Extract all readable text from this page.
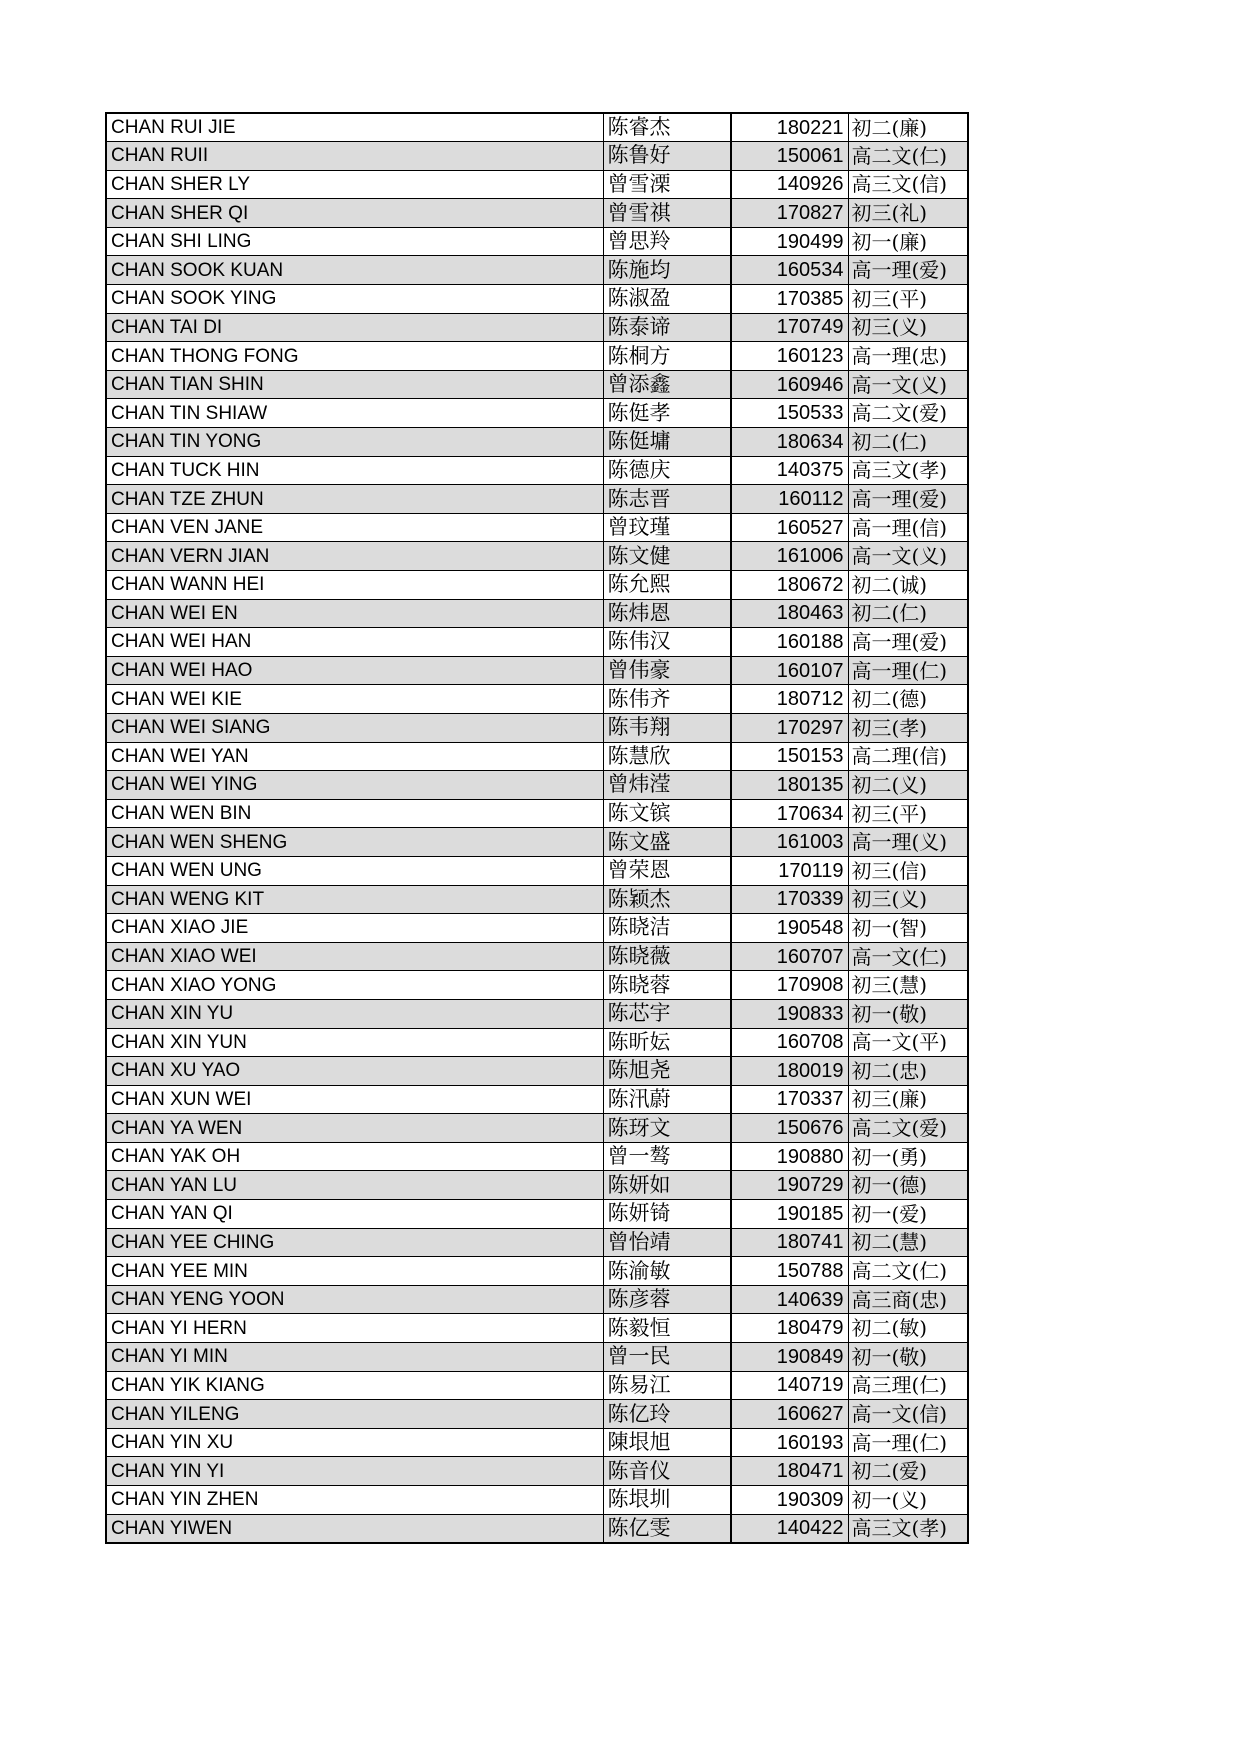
CHAN RUI JIE	陈睿杰	180221	初二(廉)
CHAN RUII	陈鲁好	150061	高二文(仁)
CHAN SHER LY	曾雪溧	140926	高三文(信)
CHAN SHER QI	曾雪祺	170827	初三(礼)
CHAN SHI LING	曾思羚	190499	初一(廉)
CHAN SOOK KUAN	陈施均	160534	高一理(爱)
CHAN SOOK YING	陈淑盈	170385	初三(平)
CHAN TAI DI	陈泰谛	170749	初三(义)
CHAN THONG FONG	陈桐方	160123	高一理(忠)
CHAN TIAN SHIN	曾添鑫	160946	高一文(义)
CHAN TIN SHIAW	陈侹孝	150533	高二文(爱)
CHAN TIN YONG	陈侹墉	180634	初二(仁)
CHAN TUCK HIN	陈德庆	140375	高三文(孝)
CHAN TZE ZHUN	陈志晋	160112	高一理(爱)
CHAN VEN JANE	曾玟瑾	160527	高一理(信)
CHAN VERN JIAN	陈文健	161006	高一文(义)
CHAN WANN HEI	陈允熙	180672	初二(诚)
CHAN WEI EN	陈炜恩	180463	初二(仁)
CHAN WEI HAN	陈伟汉	160188	高一理(爱)
CHAN WEI HAO	曾伟豪	160107	高一理(仁)
CHAN WEI KIE	陈伟齐	180712	初二(德)
CHAN WEI SIANG	陈韦翔	170297	初三(孝)
CHAN WEI YAN	陈慧欣	150153	高二理(信)
CHAN WEI YING	曾炜滢	180135	初二(义)
CHAN WEN BIN	陈文镔	170634	初三(平)
CHAN WEN SHENG	陈文盛	161003	高一理(义)
CHAN WEN UNG	曾荣恩	170119	初三(信)
CHAN WENG KIT	陈颖杰	170339	初三(义)
CHAN XIAO JIE	陈晓洁	190548	初一(智)
CHAN XIAO WEI	陈晓薇	160707	高一文(仁)
CHAN XIAO YONG	陈晓蓉	170908	初三(慧)
CHAN XIN YU	陈芯宇	190833	初一(敬)
CHAN XIN YUN	陈昕妘	160708	高一文(平)
CHAN XU YAO	陈旭尧	180019	初二(忠)
CHAN XUN WEI	陈汛蔚	170337	初三(廉)
CHAN YA WEN	陈玡文	150676	高二文(爱)
CHAN YAK OH	曾一骜	190880	初一(勇)
CHAN YAN LU	陈妍如	190729	初一(德)
CHAN YAN QI	陈妍锜	190185	初一(爱)
CHAN YEE CHING	曾怡靖	180741	初二(慧)
CHAN YEE MIN	陈渝敏	150788	高二文(仁)
CHAN YENG YOON	陈彦蓉	140639	高三商(忠)
CHAN YI HERN	陈毅恒	180479	初二(敏)
CHAN YI MIN	曾一民	190849	初一(敬)
CHAN YIK KIANG	陈易江	140719	高三理(仁)
CHAN YILENG	陈亿玲	160627	高一文(信)
CHAN YIN XU	陳垠旭	160193	高一理(仁)
CHAN YIN YI	陈音仪	180471	初二(爱)
CHAN YIN ZHEN	陈垠圳	190309	初一(义)
CHAN YIWEN	陈亿雯	140422	高三文(孝)
